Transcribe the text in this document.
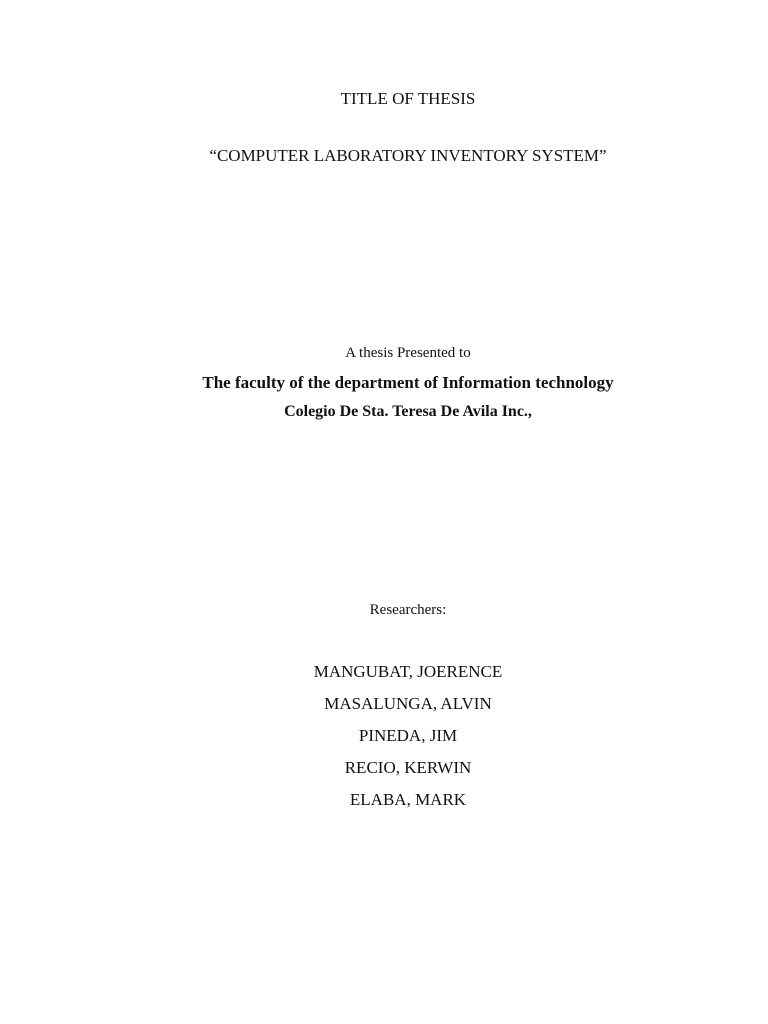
TITLE OF THESIS
“COMPUTER LABORATORY INVENTORY SYSTEM”
A thesis Presented to
The faculty of the department of Information technology
Colegio De Sta. Teresa De Avila Inc.,
Researchers:
MANGUBAT, JOERENCE
MASALUNGA, ALVIN
PINEDA, JIM
RECIO, KERWIN
ELABA, MARK
